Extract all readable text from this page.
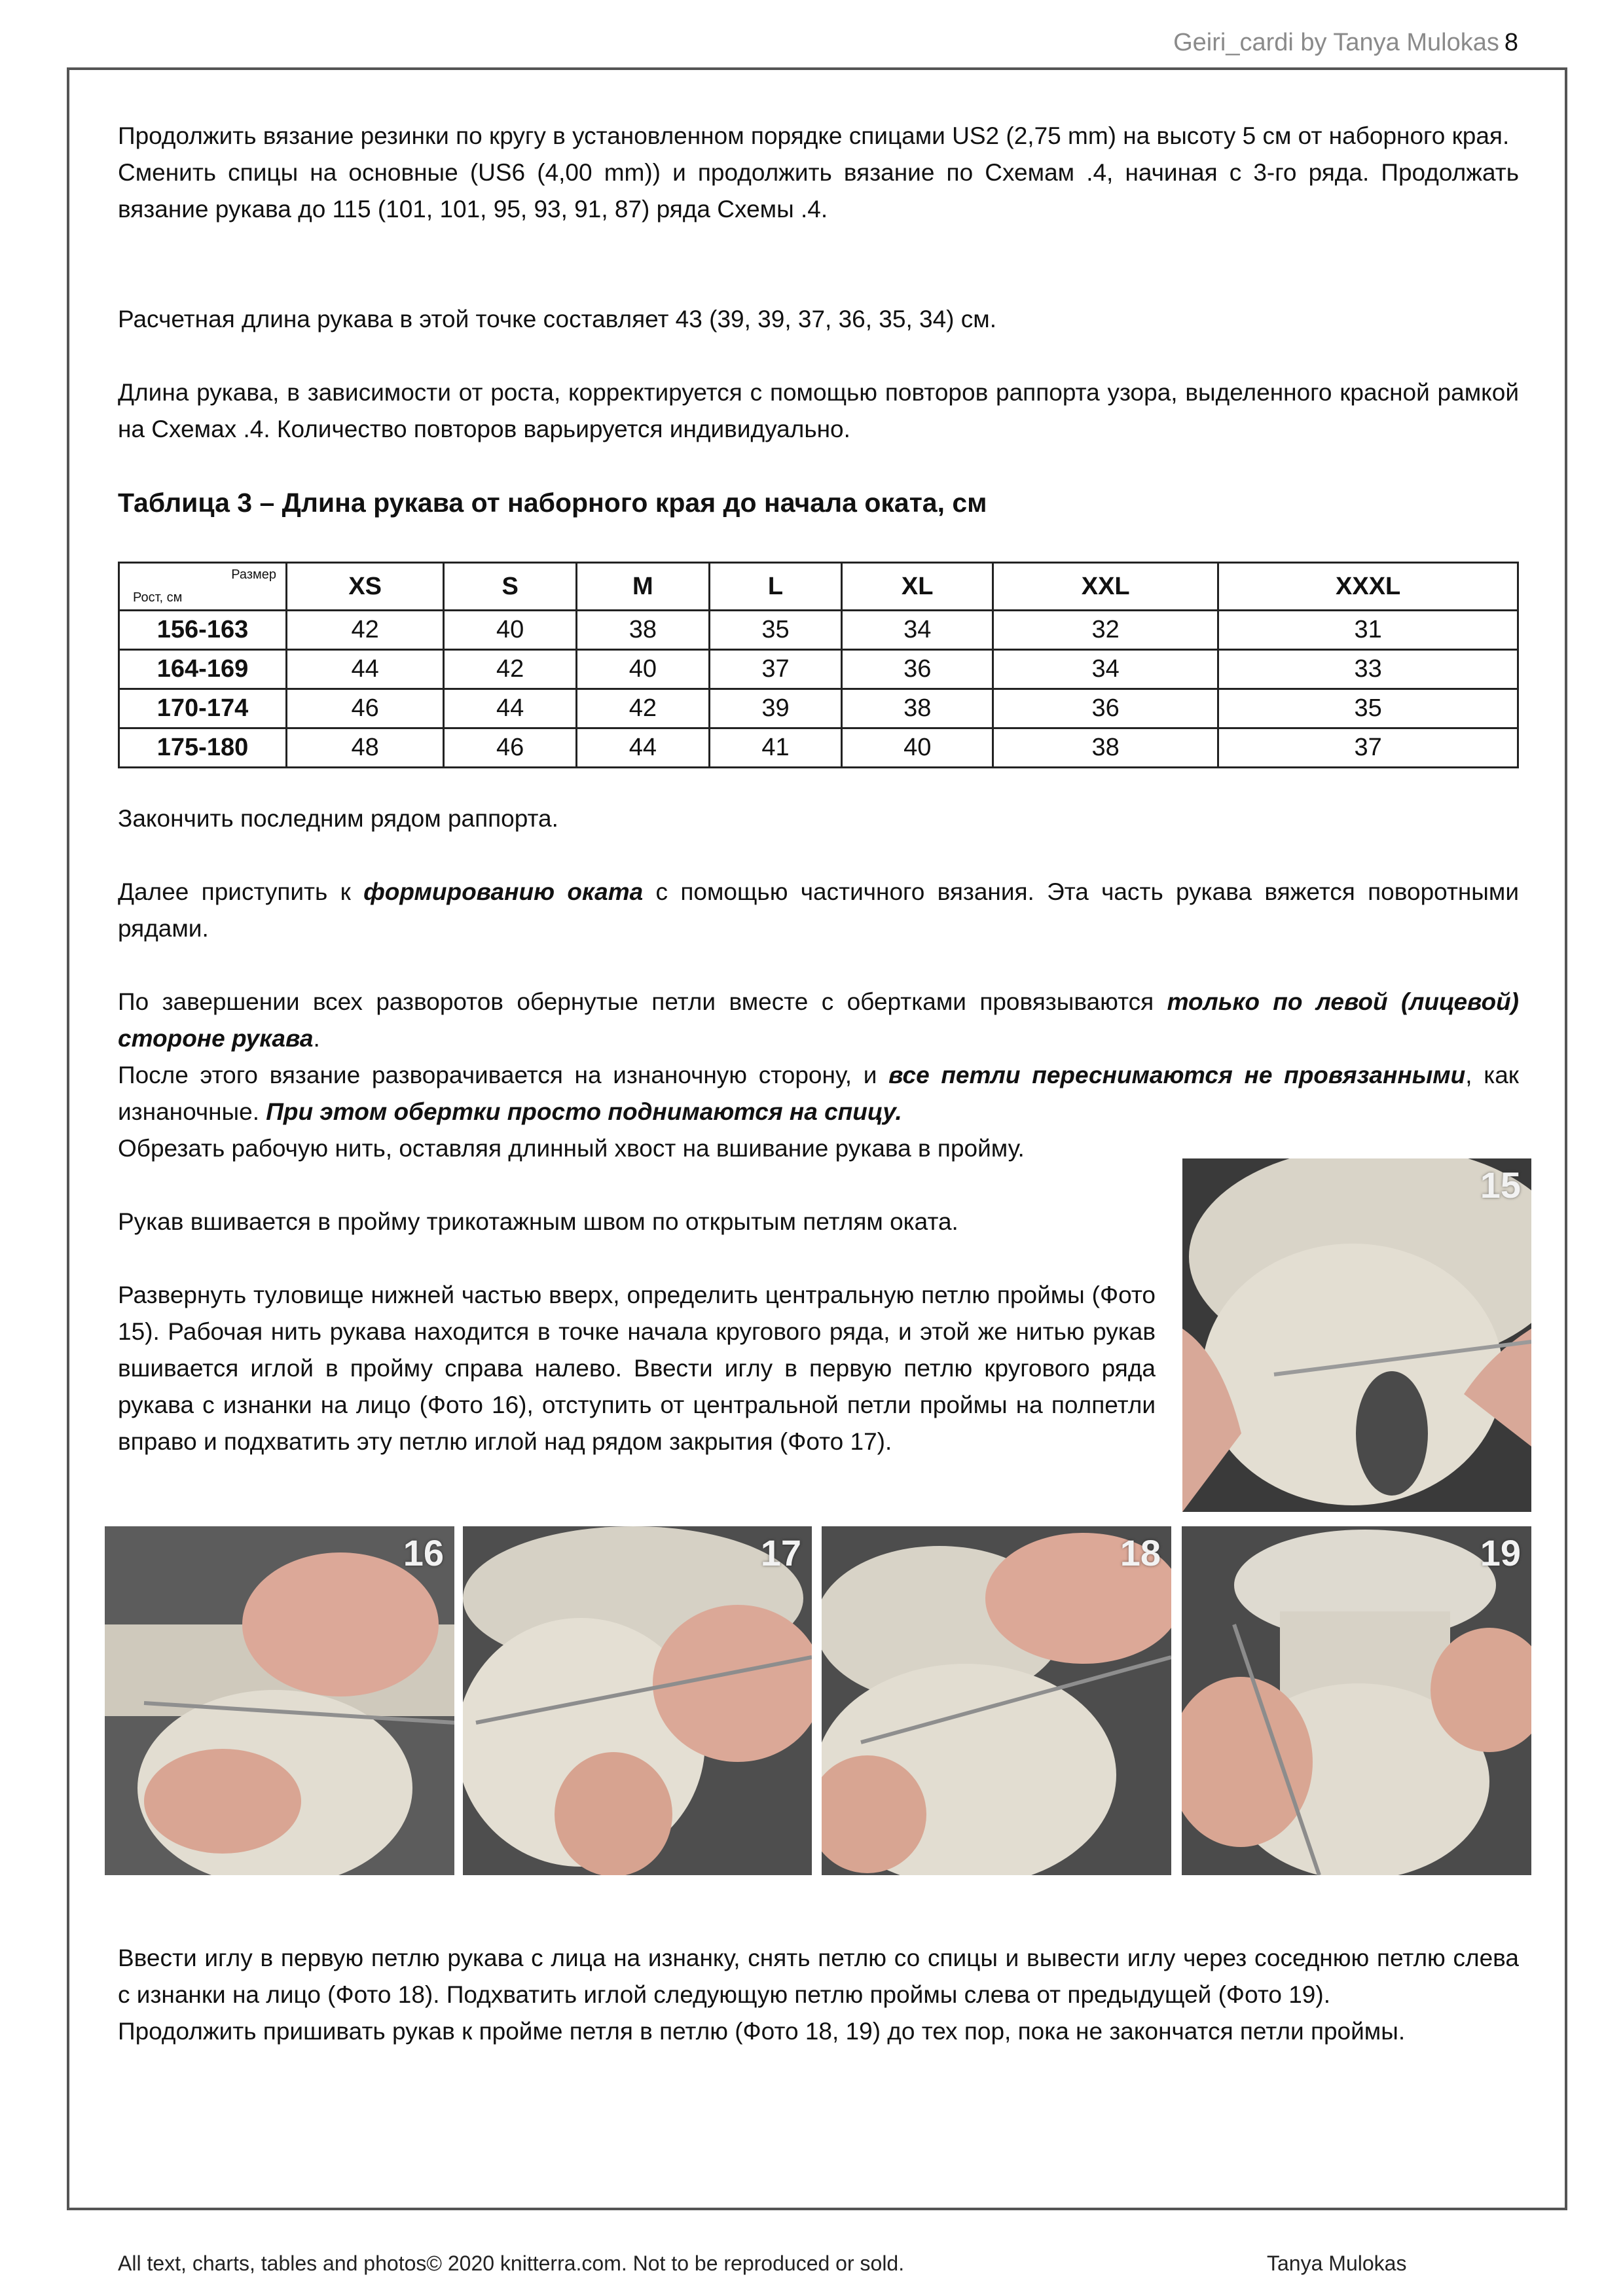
Geiri_cardi by Tanya Mulokas 8

Продолжить вязание резинки по кругу в установленном порядке спицами US2 (2,75 mm) на высоту 5 см от наборного края.
Сменить спицы на основные (US6 (4,00 mm)) и продолжить вязание по Схемам .4, начиная с 3-го ряда. Продолжать вязание рукава до 115 (101, 101, 95, 93, 91, 87) ряда Схемы .4.

Расчетная длина рукава в этой точке составляет 43 (39, 39, 37, 36, 35, 34) см.

Длина рукава, в зависимости от роста, корректируется с помощью повторов раппорта узора, выделенного красной рамкой на Схемах .4. Количество повторов варьируется индивидуально.

Таблица 3 – Длина рукава от наборного края до начала оката, см
Размер
Рост, см	XS	S	M	L	XL	XXL	XXXL
156-163	42	40	38	35	34	32	31
164-169	44	42	40	37	36	34	33
170-174	46	44	42	39	38	36	35
175-180	48	46	44	41	40	38	37

Закончить последним рядом раппорта.

Далее приступить к формированию оката с помощью частичного вязания. Эта часть рукава вяжется поворотными рядами.

По завершении всех разворотов обернутые петли вместе с обертками провязываются только по левой (лицевой) стороне рукава.
После этого вязание разворачивается на изнаночную сторону, и все петли переснимаются не провязанными, как изнаночные. При этом обертки просто поднимаются на спицу.
Обрезать рабочую нить, оставляя длинный хвост на вшивание рукава в пройму.

Рукав вшивается в пройму трикотажным швом по открытым петлям оката.

Развернуть туловище нижней частью вверх, определить центральную петлю проймы (Фото 15). Рабочая нить рукава находится в точке начала кругового ряда, и этой же нитью рукав вшивается иглой в пройму справа налево. Ввести иглу в первую петлю кругового ряда рукава с изнанки на лицо (Фото 16), отступить от центральной петли проймы на полпетли вправо и подхватить эту петлю иглой над рядом закрытия (Фото 17).

15
16	17	18	19

Ввести иглу в первую петлю рукава с лица на изнанку, снять петлю со спицы и вывести иглу через соседнюю петлю слева с изнанки на лицо (Фото 18). Подхватить иглой следующую петлю проймы слева от предыдущей (Фото 19).
Продолжить пришивать рукав к пройме петля в петлю (Фото 18, 19) до тех пор, пока не закончатся петли проймы.

All text, charts, tables and photos© 2020 knitterra.com. Not to be reproduced or sold.	Tanya Mulokas
